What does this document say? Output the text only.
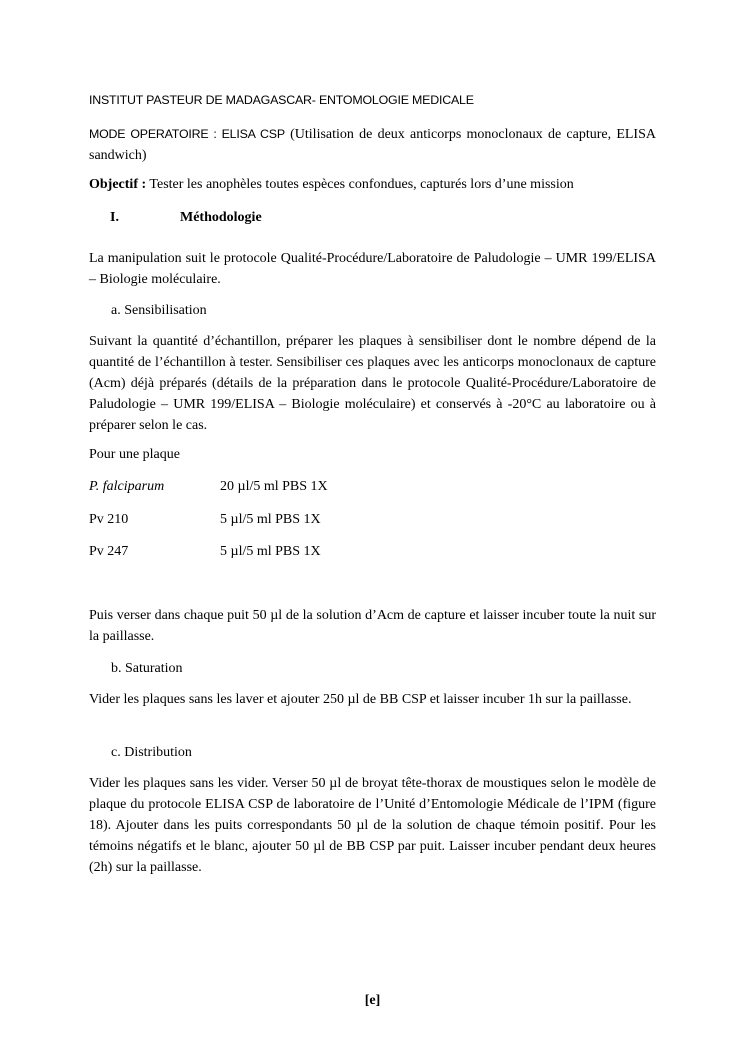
INSTITUT PASTEUR DE MADAGASCAR- ENTOMOLOGIE MEDICALE
MODE OPERATOIRE : ELISA CSP (Utilisation de deux anticorps monoclonaux de capture, ELISA sandwich)
Objectif : Tester les anophèles toutes espèces confondues, capturés lors d’une mission
I.	Méthodologie
La manipulation suit le protocole Qualité-Procédure/Laboratoire de Paludologie – UMR 199/ELISA – Biologie moléculaire.
a. Sensibilisation
Suivant la quantité d’échantillon, préparer les plaques à sensibiliser dont le nombre dépend de la quantité de l’échantillon à tester. Sensibiliser ces plaques avec les anticorps monoclonaux de capture (Acm) déjà préparés (détails de la préparation dans le protocole Qualité-Procédure/Laboratoire de Paludologie – UMR 199/ELISA – Biologie moléculaire) et conservés à -20°C au laboratoire ou à préparer selon le cas.
Pour une plaque
P. falciparum	20 µl/5 ml PBS 1X
Pv 210	5 µl/5 ml PBS 1X
Pv 247	5 µl/5 ml PBS 1X
Puis verser dans chaque puit 50 µl de la solution d’Acm de capture et laisser incuber toute la nuit sur la paillasse.
b. Saturation
Vider les plaques sans les laver et ajouter 250 µl de BB CSP et laisser incuber 1h sur la paillasse.
c. Distribution
Vider les plaques sans les vider. Verser 50 µl de broyat tête-thorax de moustiques selon le modèle de plaque du protocole ELISA CSP de laboratoire de l’Unité d’Entomologie Médicale de l’IPM (figure 18). Ajouter dans les puits correspondants 50 µl de la solution de chaque témoin positif. Pour les témoins négatifs et le blanc, ajouter 50 µl de BB CSP par puit. Laisser incuber pendant deux heures (2h) sur la paillasse.
[e]
